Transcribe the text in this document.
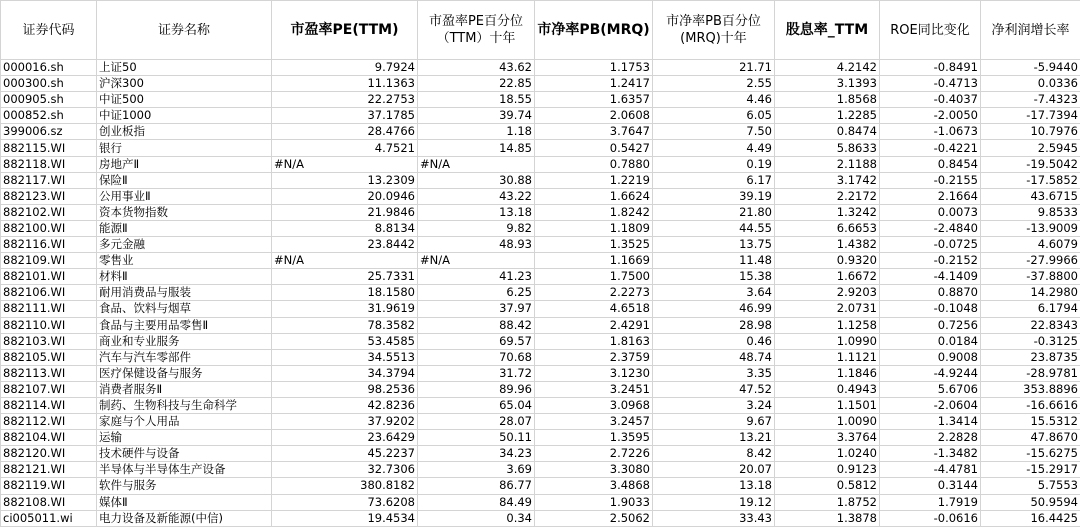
证券代码	证券名称	市盈率PE(TTM)	市盈率PE百分位（TTM）十年	市净率PB(MRQ)	市净率PB百分位(MRQ)十年	股息率_TTM	ROE同比变化	净利润增长率
000016.sh	上证50	9.7924	43.62	1.1753	21.71	4.2142	-0.8491	-5.9440
000300.sh	沪深300	11.1363	22.85	1.2417	2.55	3.1393	-0.4713	0.0336
000905.sh	中证500	22.2753	18.55	1.6357	4.46	1.8568	-0.4037	-7.4323
000852.sh	中证1000	37.1785	39.74	2.0608	6.05	1.2285	-2.0050	-17.7394
399006.sz	创业板指	28.4766	1.18	3.7647	7.50	0.8474	-1.0673	10.7976
882115.WI	银行	4.7521	14.85	0.5427	4.49	5.8633	-0.4221	2.5945
882118.WI	房地产Ⅱ	#N/A	#N/A	0.7880	0.19	2.1188	0.8454	-19.5042
882117.WI	保险Ⅱ	13.2309	30.88	1.2219	6.17	3.1742	-0.2155	-17.5852
882123.WI	公用事业Ⅱ	20.0946	43.22	1.6624	39.19	2.2172	2.1664	43.6715
882102.WI	资本货物指数	21.9846	13.18	1.8242	21.80	1.3242	0.0073	9.8533
882100.WI	能源Ⅱ	8.8134	9.82	1.1809	44.55	6.6653	-2.4840	-13.9009
882116.WI	多元金融	23.8442	48.93	1.3525	13.75	1.4382	-0.0725	4.6079
882109.WI	零售业	#N/A	#N/A	1.1669	11.48	0.9320	-0.2152	-27.9966
882101.WI	材料Ⅱ	25.7331	41.23	1.7500	15.38	1.6672	-4.1409	-37.8800
882106.WI	耐用消费品与服装	18.1580	6.25	2.2273	3.64	2.9203	0.8870	14.2980
882111.WI	食品、饮料与烟草	31.9619	37.97	4.6518	46.99	2.0731	-0.1048	6.1794
882110.WI	食品与主要用品零售Ⅱ	78.3582	88.42	2.4291	28.98	1.1258	0.7256	22.8343
882103.WI	商业和专业服务	53.4585	69.57	1.8163	0.46	1.0990	0.0184	-0.3125
882105.WI	汽车与汽车零部件	34.5513	70.68	2.3759	48.74	1.1121	0.9008	23.8735
882113.WI	医疗保健设备与服务	34.3794	31.72	3.1230	3.35	1.1846	-4.9244	-28.9781
882107.WI	消费者服务Ⅱ	98.2536	89.96	3.2451	47.52	0.4943	5.6706	353.8896
882114.WI	制药、生物科技与生命科学	42.8236	65.04	3.0968	3.24	1.1501	-2.0604	-16.6616
882112.WI	家庭与个人用品	37.9202	28.07	3.2457	9.67	1.0090	1.3414	15.5312
882104.WI	运输	23.6429	50.11	1.3595	13.21	3.3764	2.2828	47.8670
882120.WI	技术硬件与设备	45.2237	34.23	2.7226	8.42	1.0240	-1.3482	-15.6275
882121.WI	半导体与半导体生产设备	32.7306	3.69	3.3080	20.07	0.9123	-4.4781	-15.2917
882119.WI	软件与服务	380.8182	86.77	3.4868	13.18	0.5812	0.3144	5.7553
882108.WI	媒体Ⅱ	73.6208	84.49	1.9033	19.12	1.8752	1.7919	50.9594
ci005011.wi	电力设备及新能源(中信)	19.4534	0.34	2.5062	33.43	1.3878	-0.0616	16.4425
